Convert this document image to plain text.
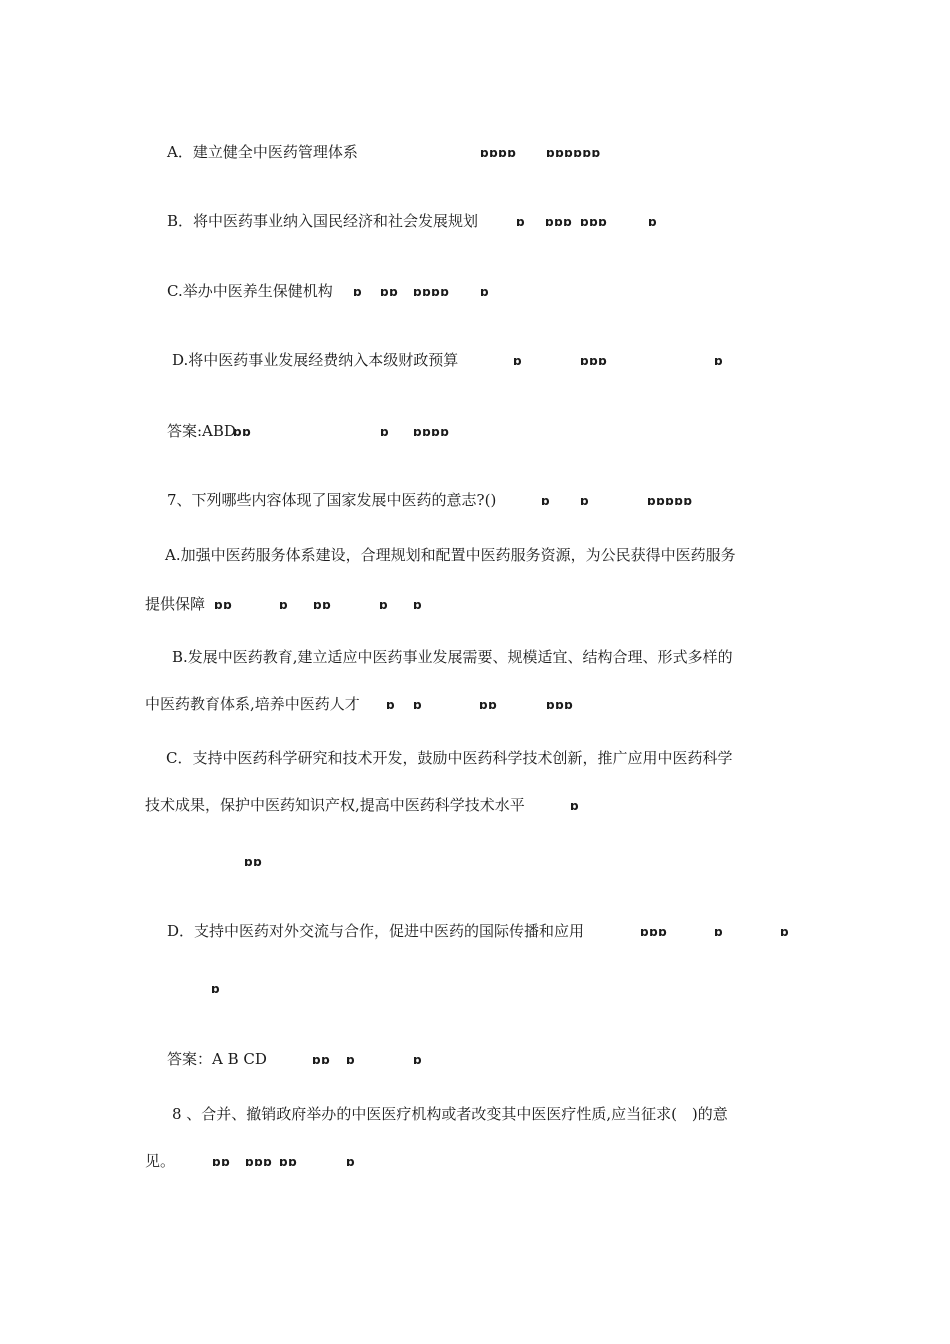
A．建立健全中医药管理体系	ɒɒɒɒ ɒɒɒɒɒɒ
B．将中医药事业纳入国民经济和社会发展规划	ɒ ɒɒɒ ɒɒɒ	ɒ
C.举办中医养生保健机构 ɒ ɒɒ ɒɒɒɒ	ɒ
D.将中医药事业发展经费纳入本级财政预算	ɒ	ɒɒɒ	ɒ
答案:ABD
ɒɒ	ɒ ɒɒɒɒ
7、下列哪些内容体现了国家发展中医药的意志?()	ɒ ɒ	ɒɒɒɒɒ
A.加强中医药服务体系建设，合理规划和配置中医药服务资源，为公民获得中医药服务
提供保障 ɒɒ	ɒ ɒɒ	ɒ ɒ
B.发展中医药教育,建立适应中医药事业发展需要、规模适宜、结构合理、形式多样的
中医药教育体系,培养中医药人才 ɒ ɒ	ɒɒ	ɒɒɒ
C．支持中医药科学研究和技术开发，鼓励中医药科学技术创新，推广应用中医药科学
技术成果，保护中医药知识产权,提高中医药科学技术水平	ɒ
ɒɒ
D．支持中医药对外交流与合作，促进中医药的国际传播和应用	ɒɒɒ	ɒ	ɒ
ɒ
答案：A B CD	ɒɒ ɒ	ɒ
8 、合并、撤销政府举办的中医医疗机构或者改变其中医医疗性质,应当征求(　)的意
见。	ɒɒ ɒɒɒ ɒɒ	ɒ
